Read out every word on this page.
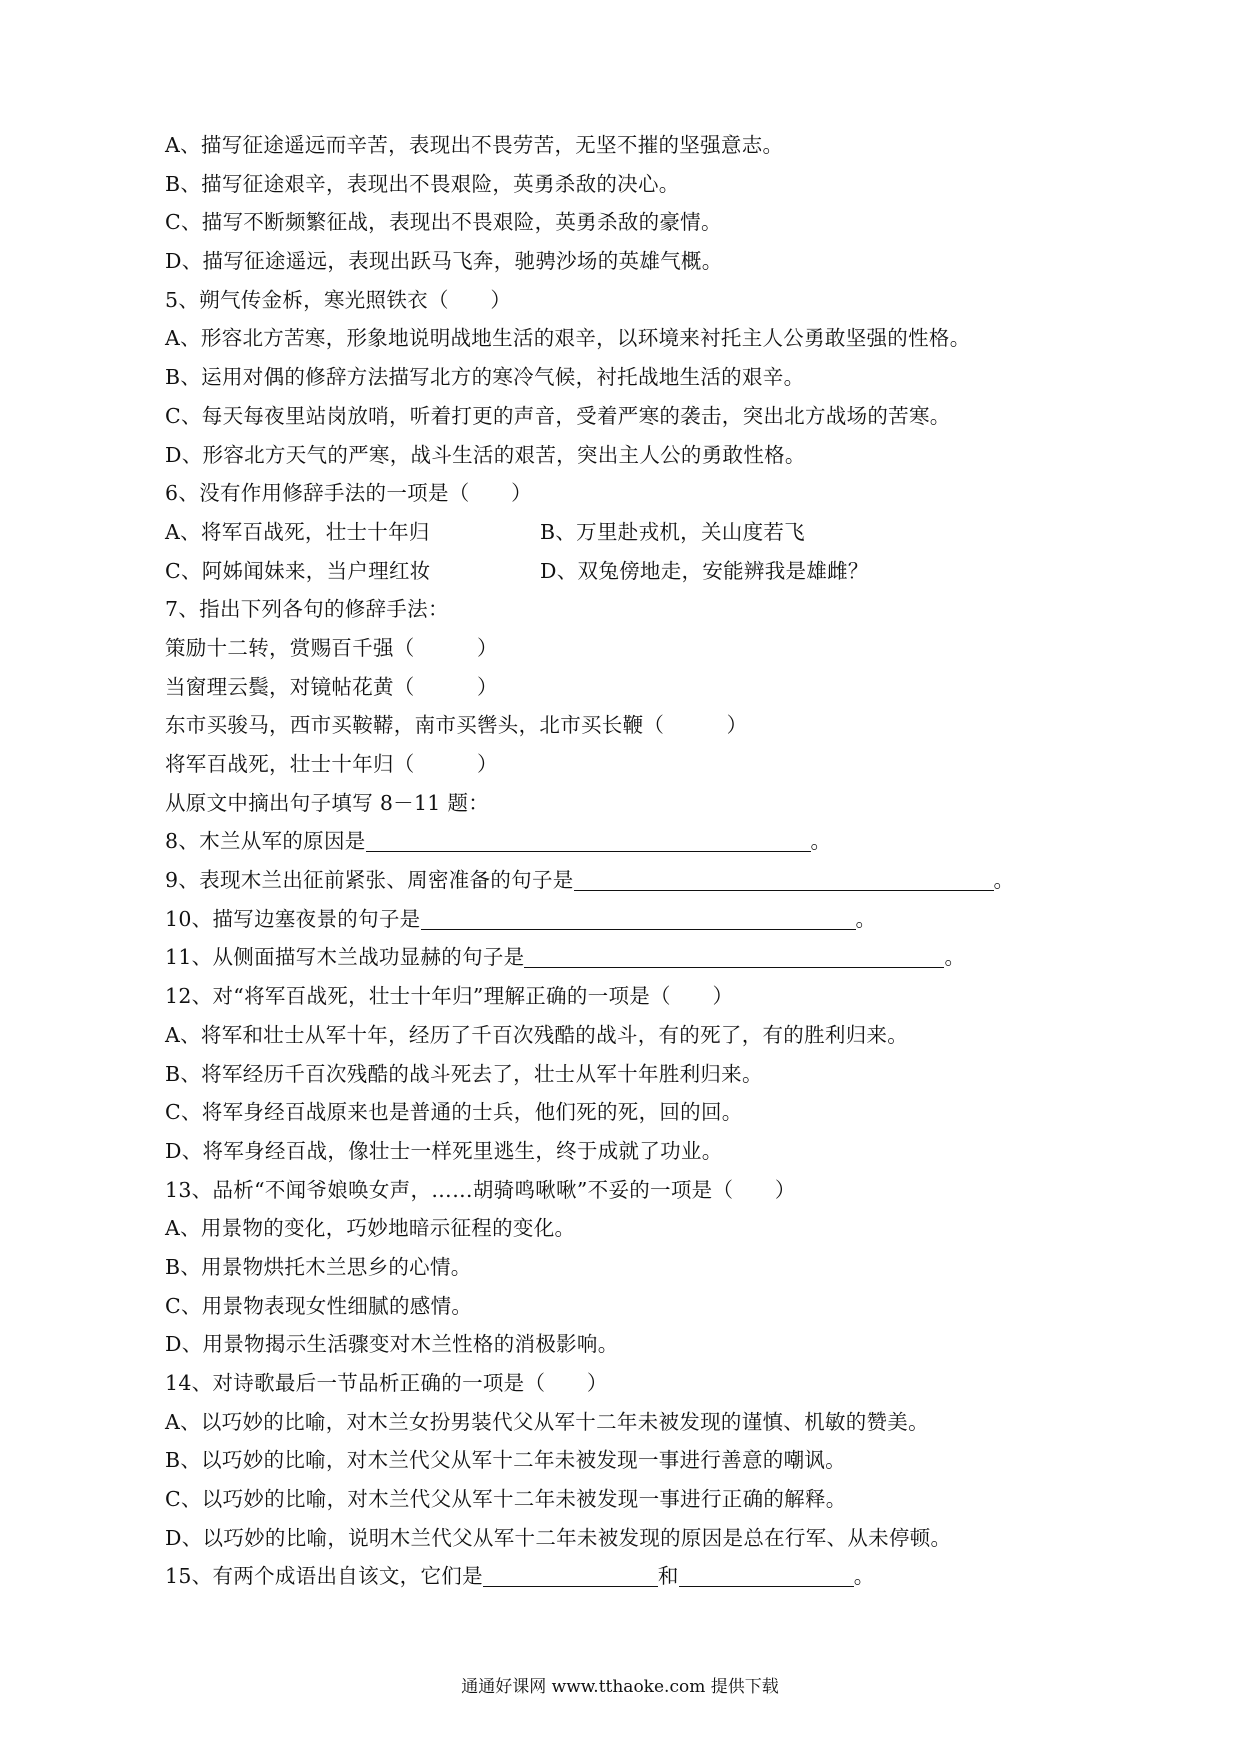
A、描写征途遥远而辛苦，表现出不畏劳苦，无坚不摧的坚强意志。
B、描写征途艰辛，表现出不畏艰险，英勇杀敌的决心。
C、描写不断频繁征战，表现出不畏艰险，英勇杀敌的豪情。
D、描写征途遥远，表现出跃马飞奔，驰骋沙场的英雄气概。
5、朔气传金柝，寒光照铁衣（　　）
A、形容北方苦寒，形象地说明战地生活的艰辛，以环境来衬托主人公勇敢坚强的性格。
B、运用对偶的修辞方法描写北方的寒冷气候，衬托战地生活的艰辛。
C、每天每夜里站岗放哨，听着打更的声音，受着严寒的袭击，突出北方战场的苦寒。
D、形容北方天气的严寒，战斗生活的艰苦，突出主人公的勇敢性格。
6、没有作用修辞手法的一项是（　　）
A、将军百战死，壮士十年归	B、万里赴戎机，关山度若飞
C、阿姊闻妹来，当户理红妆	D、双兔傍地走，安能辨我是雄雌？
7、指出下列各句的修辞手法：
策励十二转，赏赐百千强（　　　）
当窗理云鬓，对镜帖花黄（　　　）
东市买骏马，西市买鞍鞯，南市买辔头，北市买长鞭（　　　）
将军百战死，壮士十年归（　　　）
从原文中摘出句子填写 8－11 题：
8、木兰从军的原因是	。
9、表现木兰出征前紧张、周密准备的句子是	。
10、描写边塞夜景的句子是	。
11、从侧面描写木兰战功显赫的句子是	。
12、对“将军百战死，壮士十年归”理解正确的一项是（　　）
A、将军和壮士从军十年，经历了千百次残酷的战斗，有的死了，有的胜利归来。
B、将军经历千百次残酷的战斗死去了，壮士从军十年胜利归来。
C、将军身经百战原来也是普通的士兵，他们死的死，回的回。
D、将军身经百战，像壮士一样死里逃生，终于成就了功业。
13、品析“不闻爷娘唤女声，……胡骑鸣啾啾”不妥的一项是（　　）
A、用景物的变化，巧妙地暗示征程的变化。
B、用景物烘托木兰思乡的心情。
C、用景物表现女性细腻的感情。
D、用景物揭示生活骤变对木兰性格的消极影响。
14、对诗歌最后一节品析正确的一项是（　　）
A、以巧妙的比喻，对木兰女扮男装代父从军十二年未被发现的谨慎、机敏的赞美。
B、以巧妙的比喻，对木兰代父从军十二年未被发现一事进行善意的嘲讽。
C、以巧妙的比喻，对木兰代父从军十二年未被发现一事进行正确的解释。
D、以巧妙的比喻，说明木兰代父从军十二年未被发现的原因是总在行军、从未停顿。
15、有两个成语出自该文，它们是	和	。
通通好课网 www.tthaoke.com 提供下载
